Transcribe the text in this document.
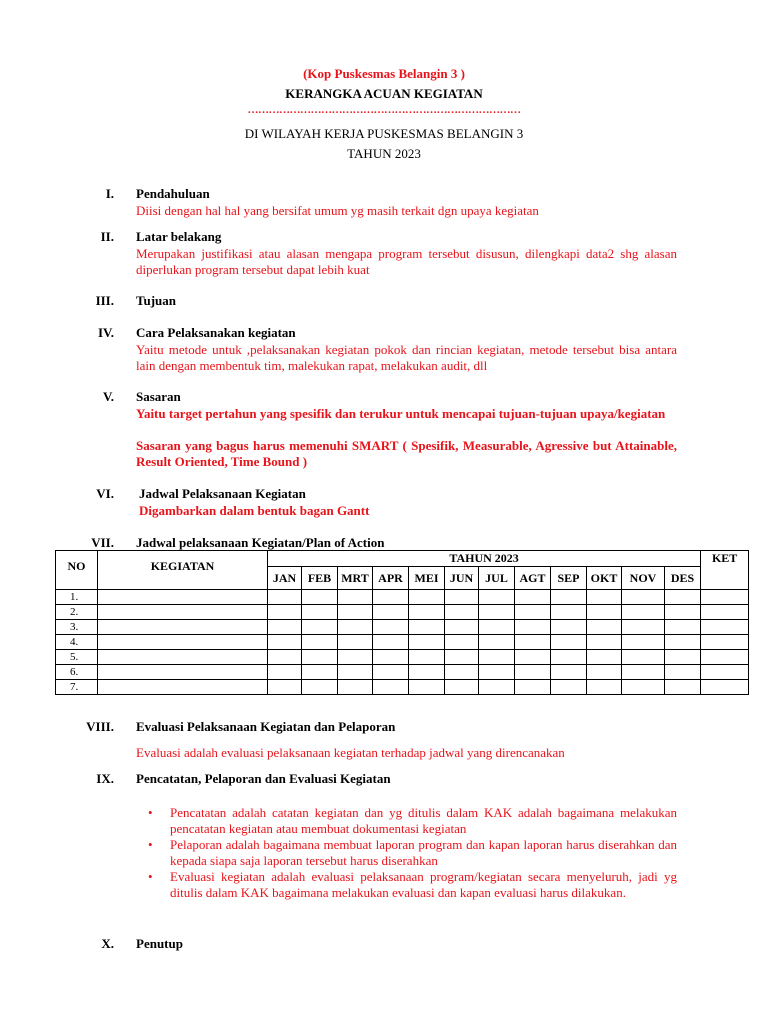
(Kop Puskesmas Belangin 3 )
KERANGKA ACUAN KEGIATAN
……………………………………………………………………
DI WILAYAH KERJA PUSKESMAS BELANGIN 3
TAHUN 2023
I. Pendahuluan
Diisi dengan hal hal yang bersifat umum yg masih terkait dgn upaya kegiatan
II. Latar belakang
Merupakan justifikasi atau alasan mengapa program tersebut disusun, dilengkapi data2 shg alasan diperlukan program tersebut dapat lebih kuat
III. Tujuan
IV. Cara Pelaksanakan kegiatan
Yaitu metode untuk ,pelaksanakan kegiatan pokok dan rincian kegiatan, metode tersebut bisa antara lain dengan membentuk tim, malekukan rapat, melakukan audit, dll
V. Sasaran
Yaitu target pertahun yang spesifik dan terukur untuk mencapai tujuan-tujuan upaya/kegiatan
Sasaran yang bagus harus memenuhi SMART ( Spesifik, Measurable, Agressive but Attainable, Result Oriented, Time Bound )
VI. Jadwal Pelaksanaan Kegiatan
Digambarkan dalam bentuk bagan Gantt
VII. Jadwal pelaksanaan Kegiatan/Plan of Action
NO	KEGIATAN	TAHUN 2023												KET
		JAN	FEB	MRT	APR	MEI	JUN	JUL	AGT	SEP	OKT	NOV	DES	
1.														
2.														
3.														
4.														
5.														
6.														
7.														
VIII. Evaluasi Pelaksanaan Kegiatan dan Pelaporan
Evaluasi adalah evaluasi pelaksanaan kegiatan terhadap jadwal yang direncanakan
IX. Pencatatan, Pelaporan dan Evaluasi Kegiatan
• Pencatatan adalah catatan kegiatan dan yg ditulis dalam KAK adalah bagaimana melakukan pencatatan kegiatan atau membuat dokumentasi kegiatan
• Pelaporan adalah bagaimana membuat laporan program dan kapan laporan harus diserahkan dan kepada siapa saja laporan tersebut harus diserahkan
• Evaluasi kegiatan adalah evaluasi pelaksanaan program/kegiatan secara menyeluruh, jadi yg ditulis dalam KAK bagaimana melakukan evaluasi dan kapan evaluasi harus dilakukan.
X. Penutup
